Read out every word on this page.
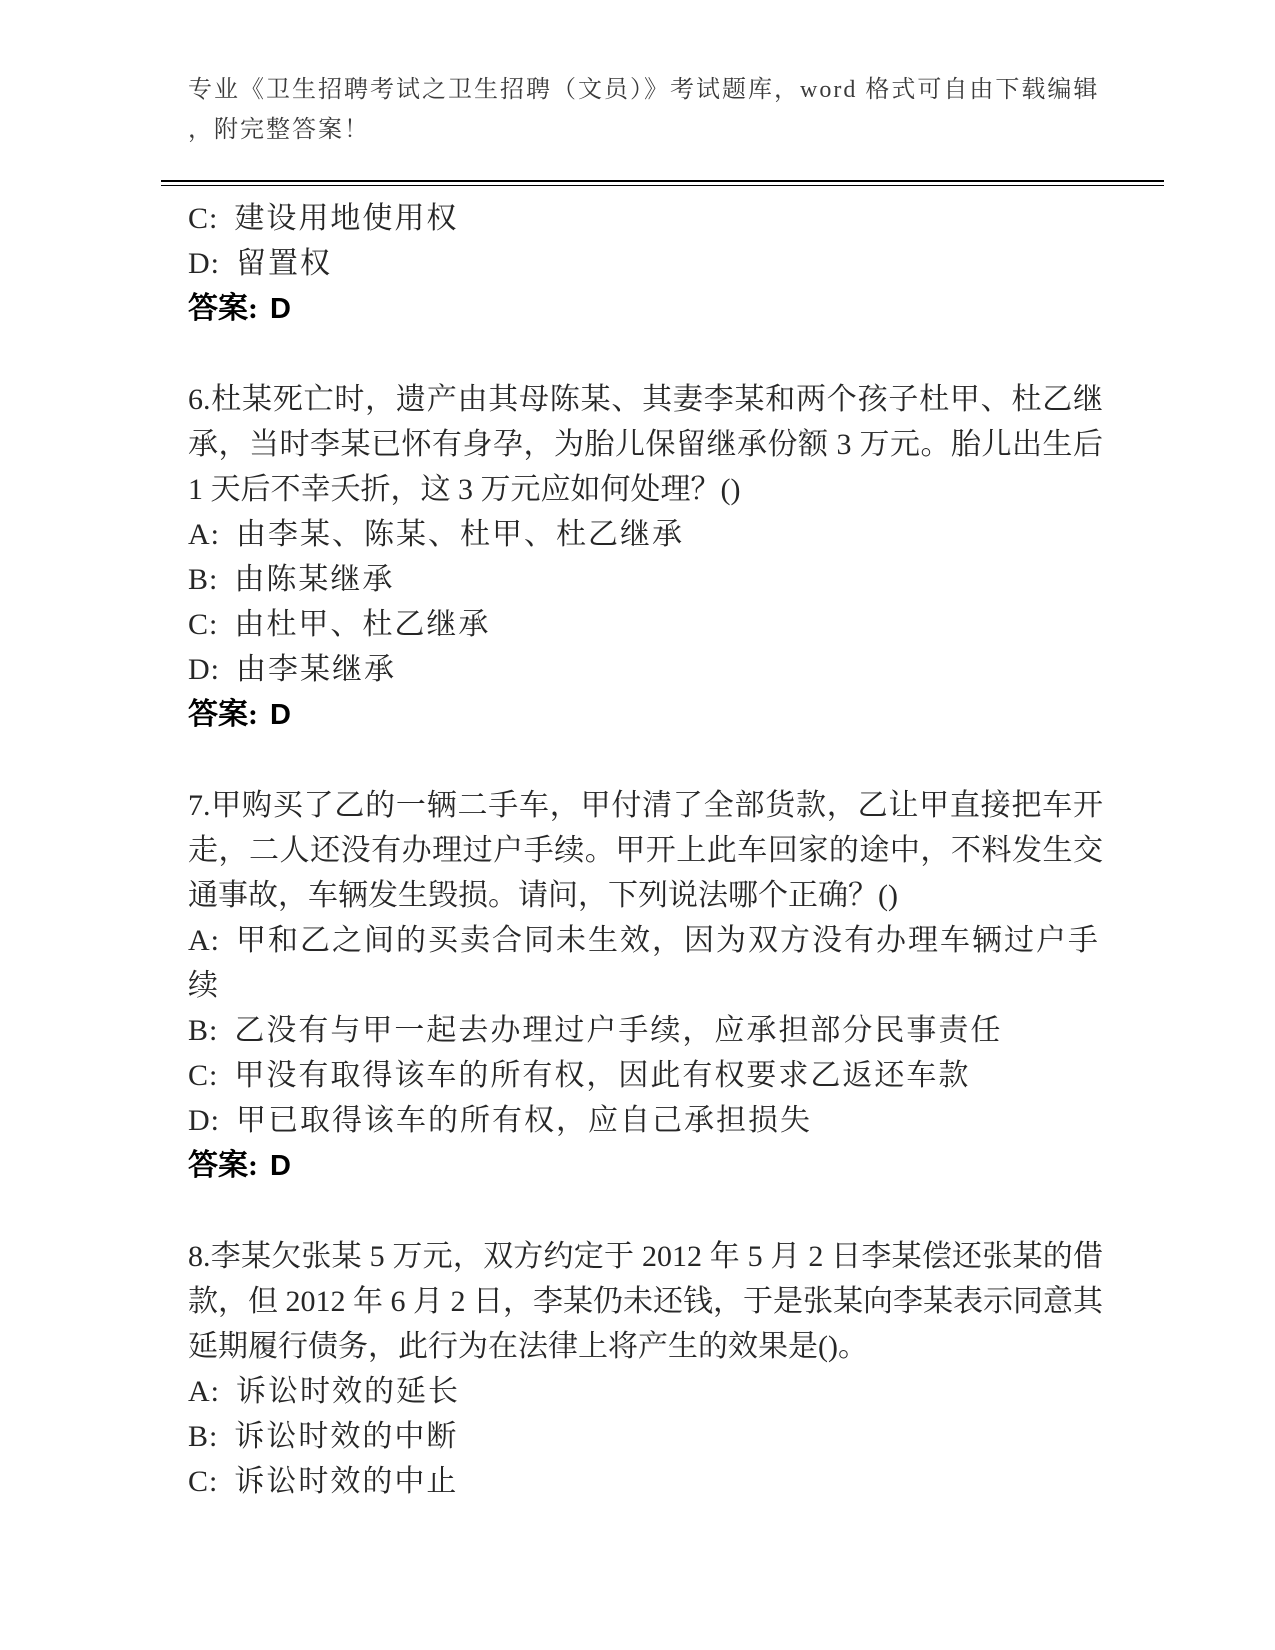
专业《卫生招聘考试之卫生招聘（文员）》考试题库，word 格式可自由下载编辑

，附完整答案！

C: 建设用地使用权

D: 留置权

答案: D

6.杜某死亡时，遗产由其母陈某、其妻李某和两个孩子杜甲、杜乙继承，当时李某已怀有身孕，为胎儿保留继承份额 3 万元。胎儿出生后 1 天后不幸夭折，这 3 万元应如何处理？()

A: 由李某、陈某、杜甲、杜乙继承

B: 由陈某继承

C: 由杜甲、杜乙继承

D: 由李某继承

答案: D

7.甲购买了乙的一辆二手车，甲付清了全部货款，乙让甲直接把车开走，二人还没有办理过户手续。甲开上此车回家的途中，不料发生交通事故，车辆发生毁损。请问，下列说法哪个正确？()

A: 甲和乙之间的买卖合同未生效，因为双方没有办理车辆过户手续

B: 乙没有与甲一起去办理过户手续，应承担部分民事责任

C: 甲没有取得该车的所有权，因此有权要求乙返还车款

D: 甲已取得该车的所有权，应自己承担损失

答案: D

8.李某欠张某 5 万元，双方约定于 2012 年 5 月 2 日李某偿还张某的借款，但 2012 年 6 月 2 日，李某仍未还钱，于是张某向李某表示同意其延期履行债务，此行为在法律上将产生的效果是()。

A: 诉讼时效的延长

B: 诉讼时效的中断

C: 诉讼时效的中止
